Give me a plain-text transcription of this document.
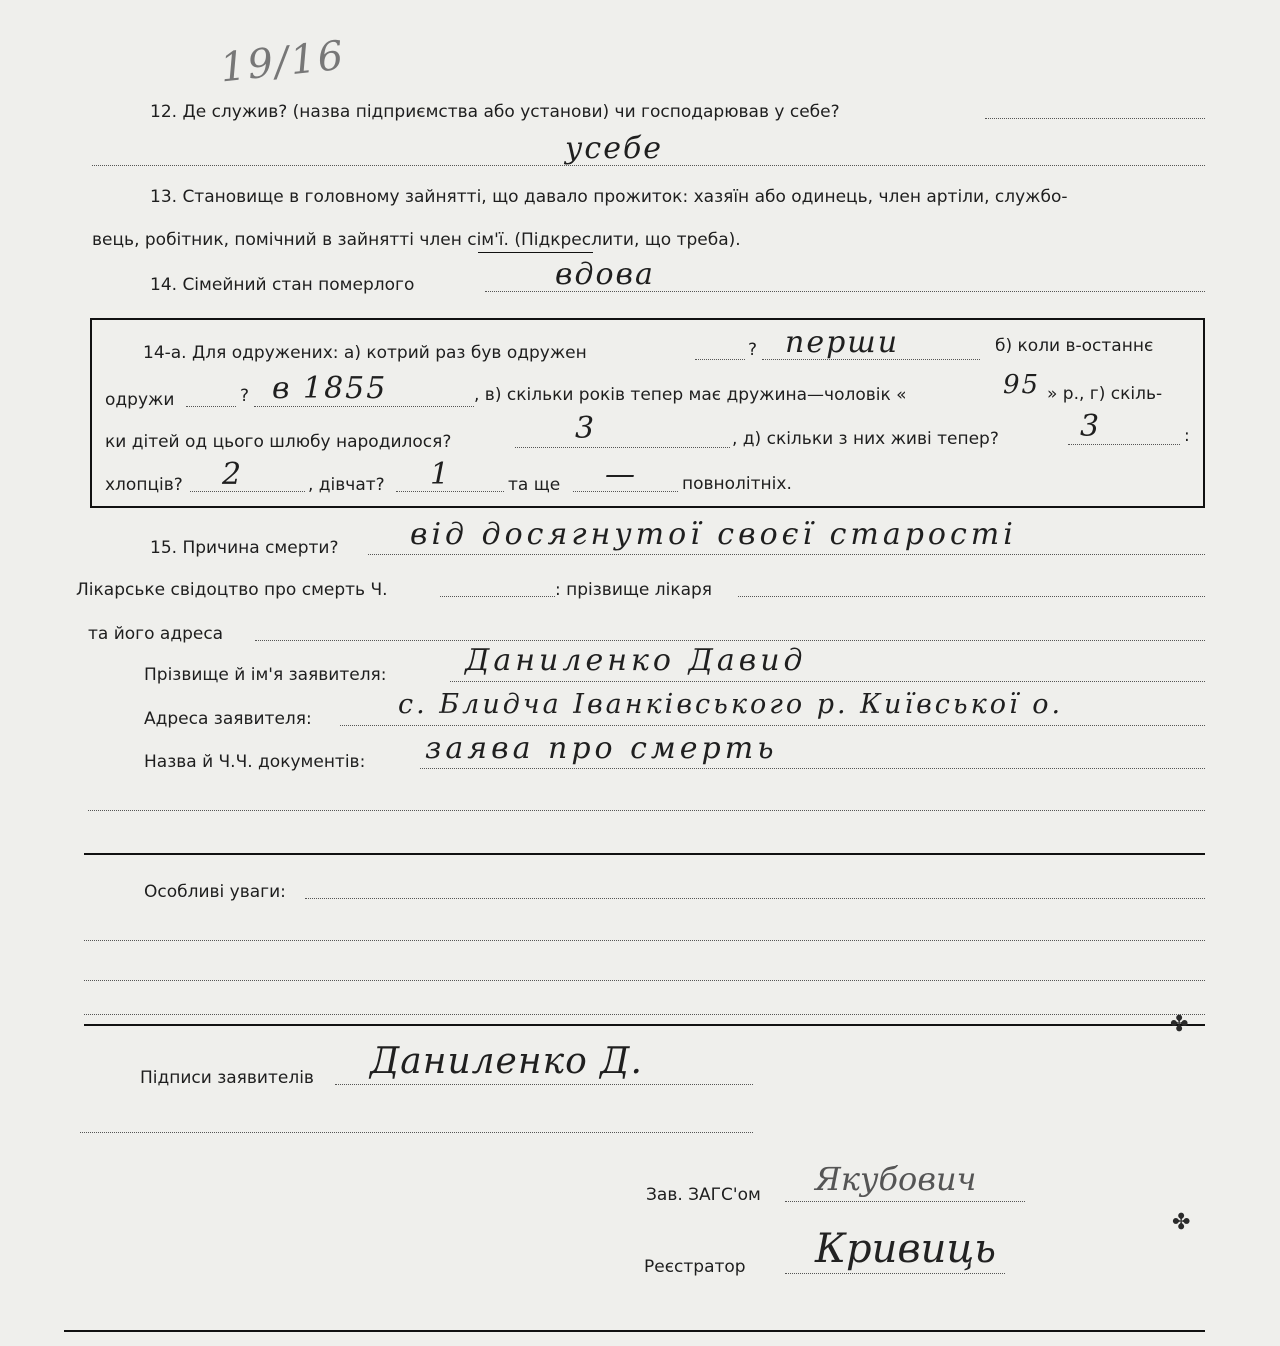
19/16
12. Де служив? (назва підприємства або установи) чи господарював у себе?
усебе
13. Становище в головному зайнятті, що давало прожиток: хазяїн або одинець, член артіли, службо-
вець, робітник, помічний в зайнятті член сім'ї. (Підкреслити, що треба).
14. Сімейний стан померлого	вдова
14-а. Для одружених: а) котрий раз був одружен	? перши	б) коли в-останнє
одружи	? в 1855	, в) скільки років тепер має дружина—чоловік «	95 » р., г) скіль-
ки дітей од цього шлюбу народилося?	3	, д) скільки з них живі тепер?	3	:
хлопців? 2	, дівчат? 1	та ще —	повнолітніх.
15. Причина смерти? від досягнутої своєї старості
Лікарське свідоцтво про смерть Ч.	: прізвище лікаря
та його адреса
Прізвище й ім'я заявителя:	Даниленко Давид
Адреса заявителя:	с. Блидча Іванківського р. Київської о.
Назва й Ч.Ч. документів: заява про смерть
Особливі уваги:
✤
Підписи заявителів Даниленко Д.
Зав. ЗАГС'ом Якубович
✤
Реєстратор Кривиць
